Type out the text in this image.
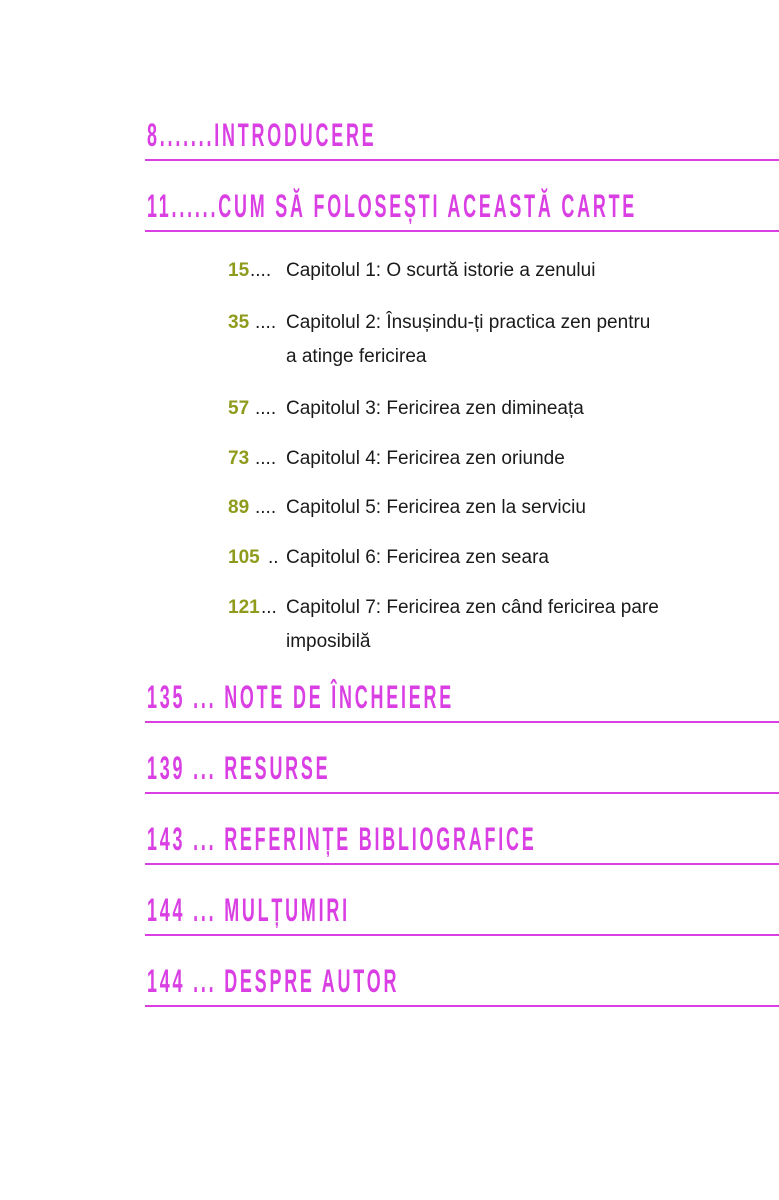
8.......INTRODUCERE
11......CUM SĂ FOLOSEȘTI ACEASTĂ CARTE
15 .... Capitolul 1: O scurtă istorie a zenului
35 .... Capitolul 2: Însușindu-ți practica zen pentru a atinge fericirea
57 .... Capitolul 3: Fericirea zen dimineața
73 .... Capitolul 4: Fericirea zen oriunde
89 .... Capitolul 5: Fericirea zen la serviciu
105 .. Capitolul 6: Fericirea zen seara
121 ... Capitolul 7: Fericirea zen când fericirea pare imposibilă
135 ... NOTE DE ÎNCHEIERE
139 ... RESURSE
143 ... REFERINȚE BIBLIOGRAFICE
144 ... MULȚUMIRI
144 ... DESPRE AUTOR
